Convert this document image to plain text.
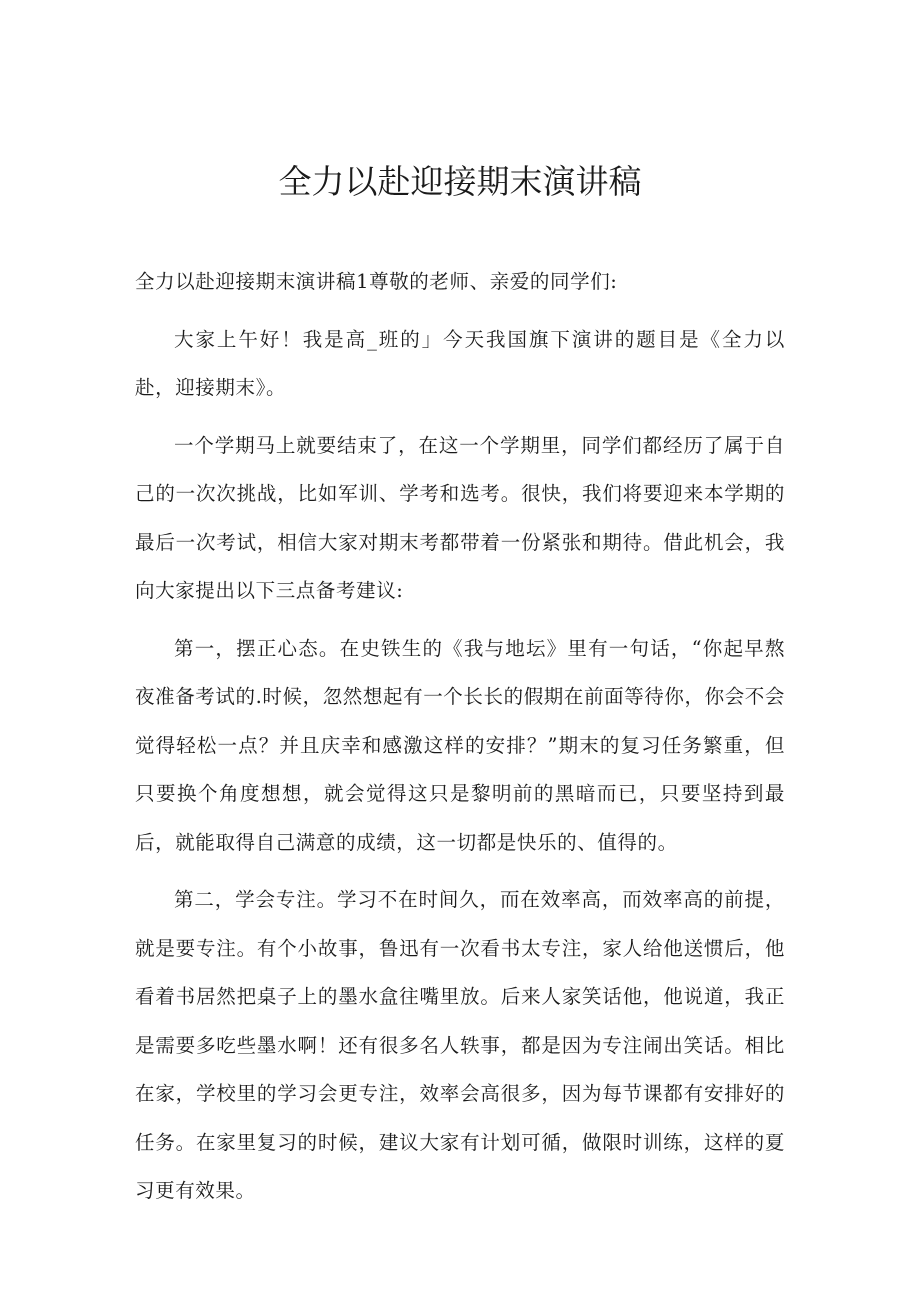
全力以赴迎接期末演讲稿

全力以赴迎接期末演讲稿1尊敬的老师、亲爱的同学们:

大家上午好！我是高_班的」今天我国旗下演讲的题目是《全力以赴，迎接期末》。

一个学期马上就要结束了，在这一个学期里，同学们都经历了属于自己的一次次挑战，比如军训、学考和选考。很快，我们将要迎来本学期的最后一次考试，相信大家对期末考都带着一份紧张和期待。借此机会，我向大家提出以下三点备考建议:

第一，摆正心态。在史铁生的《我与地坛》里有一句话，“你起早熬夜准备考试的.时候，忽然想起有一个长长的假期在前面等待你，你会不会觉得轻松一点？并且庆幸和感激这样的安排？”期末的复习任务繁重，但只要换个角度想想，就会觉得这只是黎明前的黑暗而已，只要坚持到最后，就能取得自己满意的成绩，这一切都是快乐的、值得的。

第二，学会专注。学习不在时间久，而在效率高，而效率高的前提，就是要专注。有个小故事，鲁迅有一次看书太专注，家人给他送惯后，他看着书居然把桌子上的墨水盒往嘴里放。后来人家笑话他，他说道，我正是需要多吃些墨水啊！还有很多名人轶事，都是因为专注闹出笑话。相比在家，学校里的学习会更专注，效率会高很多，因为每节课都有安排好的任务。在家里复习的时候，建议大家有计划可循，做限时训练，这样的夏习更有效果。
